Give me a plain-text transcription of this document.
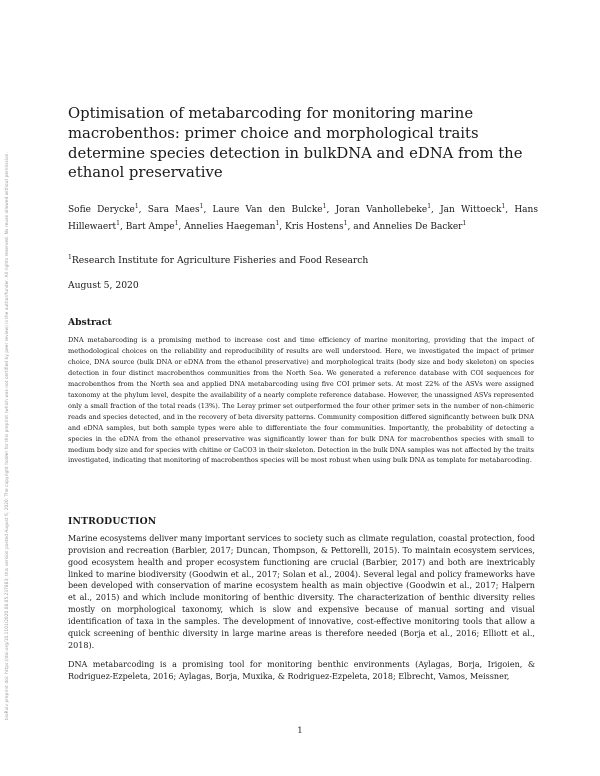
bioRxiv preprint doi: https://doi.org/10.1101/2020.08.05.237883; this version posted August 6, 2020. The copyright holder for this preprint (which was not certified by peer review) is the author/funder. All rights reserved. No reuse allowed without permission.
Optimisation of metabarcoding for monitoring marine macrobenthos: primer choice and morphological traits determine species detection in bulkDNA and eDNA from the ethanol preservative
Sofie Derycke$^1$, Sara Maes$^1$, Laure Van den Bulcke$^1$, Joran Vanhollebeke$^1$, Jan Wittoeck$^1$, Hans Hillewaert$^1$, Bart Ampe$^1$, Annelies Haegeman$^1$, Kris Hostens$^1$, and Annelies De Backer$^1$
$^1$Research Institute for Agriculture Fisheries and Food Research
August 5, 2020
Abstract

DNA metabarcoding is a promising method to increase cost and time efficiency of marine monitoring, providing that the impact of methodological choices on the reliability and reproducibility of results are well understood. Here, we investigated the impact of primer choice, DNA source (bulk DNA or eDNA from the ethanol preservative) and morphological traits (body size and body skeleton) on species detection in four distinct macrobenthos communities from the North Sea. We generated a reference database with COI sequences for macrobenthos from the North sea and applied DNA metabarcoding using five COI primer sets. At most 22% of the ASVs were assigned taxonomy at the phylum level, despite the availability of a nearly complete reference database. However, the unassigned ASVs represented only a small fraction of the total reads (13%). The Leray primer set outperformed the four other primer sets in the number of non-chimeric reads and species detected, and in the recovery of beta diversity patterns. Community composition differed significantly between bulk DNA and eDNA samples, but both sample types were able to differentiate the four communities. Importantly, the probability of detecting a species in the eDNA from the ethanol preservative was significantly lower than for bulk DNA for macrobenthos species with small to medium body size and for species with chitine or CaCO3 in their skeleton. Detection in the bulk DNA samples was not affected by the traits investigated, indicating that monitoring of macrobenthos species will be most robust when using bulk DNA as template for metabarcoding.

INTRODUCTION

Marine ecosystems deliver many important services to society such as climate regulation, coastal protection, food provision and recreation (Barbier, 2017; Duncan, Thompson, & Pettorelli, 2015). To maintain ecosystem services, good ecosystem health and proper ecosystem functioning are crucial (Barbier, 2017) and both are inextricably linked to marine biodiversity (Goodwin et al., 2017; Solan et al., 2004). Several legal and policy frameworks have been developed with conservation of marine ecosystem health as main objective (Goodwin et al., 2017; Halpern et al., 2015) and which include monitoring of benthic diversity. The characterization of benthic diversity relies mostly on morphological taxonomy, which is slow and expensive because of manual sorting and visual identification of taxa in the samples. The development of innovative, cost-effective monitoring tools that allow a quick screening of benthic diversity in large marine areas is therefore needed (Borja et al., 2016; Elliott et al., 2018).

DNA metabarcoding is a promising tool for monitoring benthic environments (Aylagas, Borja, Irigoien, & Rodriguez-Ezpeleta, 2016; Aylagas, Borja, Muxika, & Rodriguez-Ezpeleta, 2018; Elbrecht, Vamos, Meissner,

1
